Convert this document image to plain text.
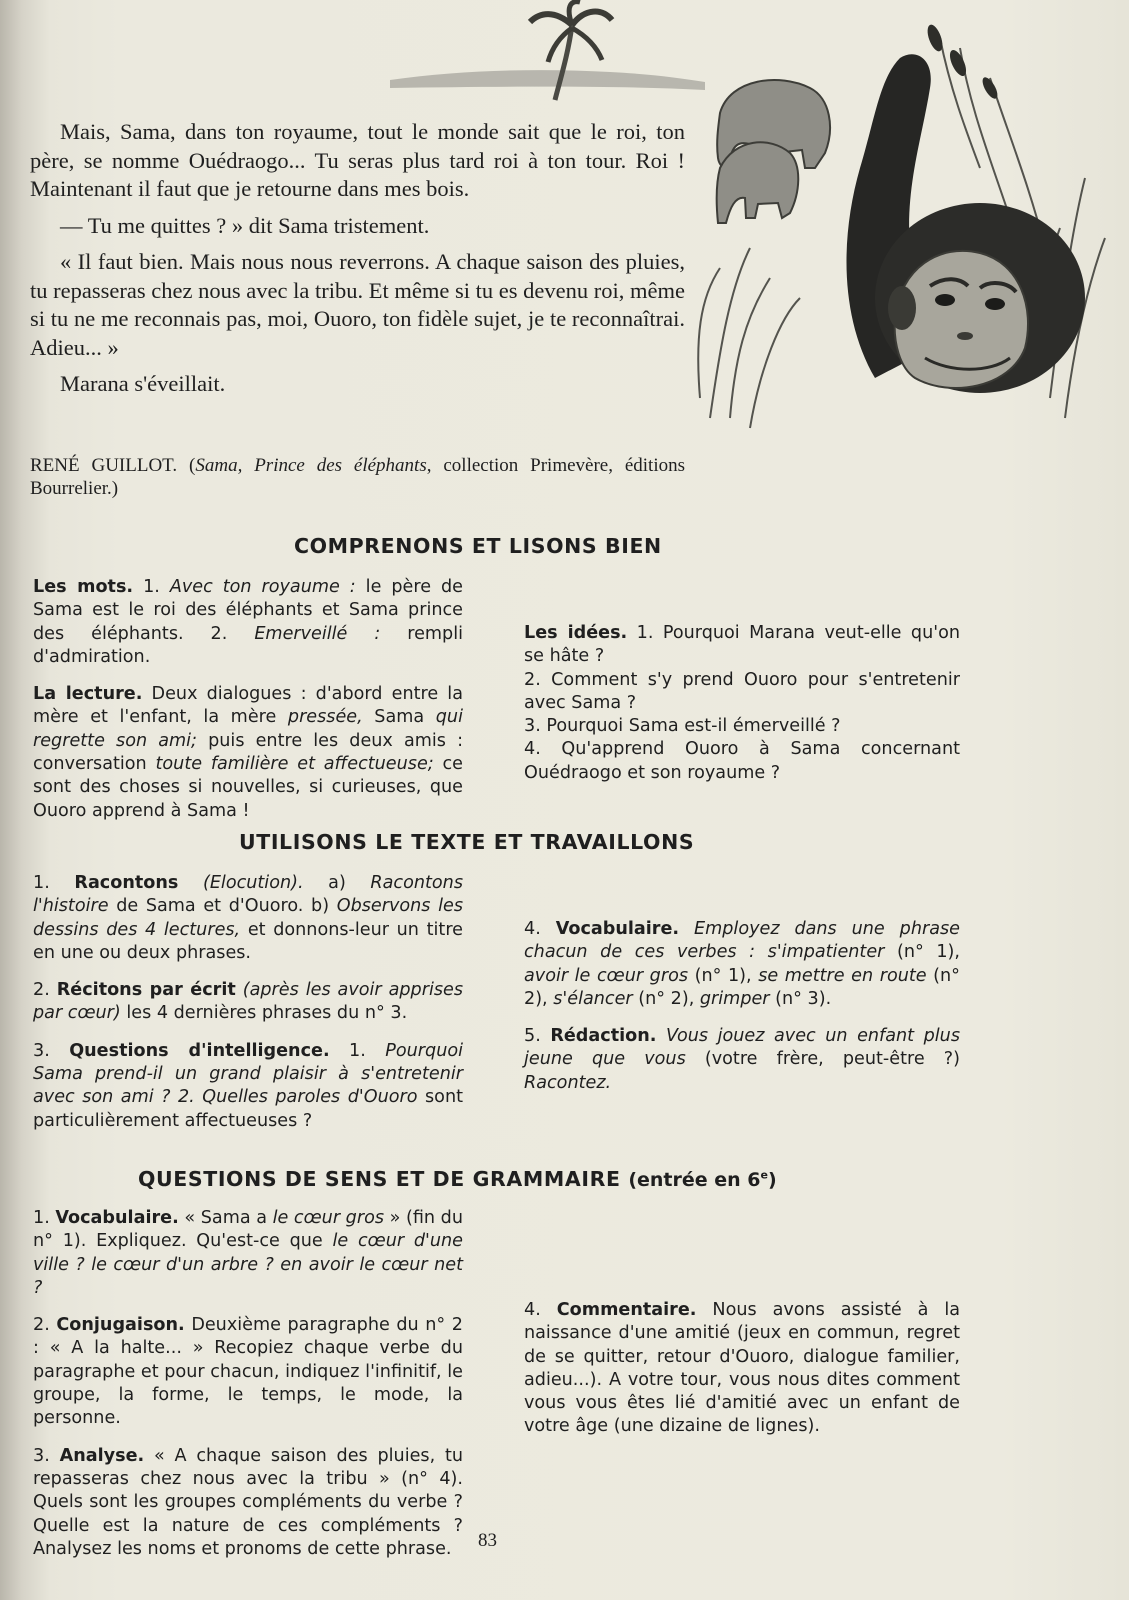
Mais, Sama, dans ton royaume, tout le monde sait que le roi, ton père, se nomme Ouédraogo... Tu seras plus tard roi à ton tour. Roi ! Maintenant il faut que je retourne dans mes bois.

— Tu me quittes ? » dit Sama tristement.

« Il faut bien. Mais nous nous reverrons. A chaque saison des pluies, tu repasseras chez nous avec la tribu. Et même si tu es devenu roi, même si tu ne me reconnais pas, moi, Ouoro, ton fidèle sujet, je te reconnaîtrai. Adieu... »

Marana s'éveillait.

RENÉ GUILLOT. (Sama, Prince des éléphants, collection Primevère, éditions Bourrelier.)
COMPRENONS ET LISONS BIEN

Les mots. 1. Avec ton royaume : le père de Sama est le roi des éléphants et Sama prince des éléphants. 2. Emerveillé : rempli d'admiration.

La lecture. Deux dialogues : d'abord entre la mère et l'enfant, la mère pressée, Sama qui regrette son ami; puis entre les deux amis : conversation toute familière et affectueuse; ce sont des choses si nouvelles, si curieuses, que Ouoro apprend à Sama !

Les idées. 1. Pourquoi Marana veut-elle qu'on se hâte ?
2. Comment s'y prend Ouoro pour s'entretenir avec Sama ?
3. Pourquoi Sama est-il émerveillé ?
4. Qu'apprend Ouoro à Sama concernant Ouédraogo et son royaume ?

UTILISONS LE TEXTE ET TRAVAILLONS

1. Racontons (Elocution). a) Racontons l'histoire de Sama et d'Ouoro. b) Observons les dessins des 4 lectures, et donnons-leur un titre en une ou deux phrases.

2. Récitons par écrit (après les avoir apprises par cœur) les 4 dernières phrases du n° 3.

3. Questions d'intelligence. 1. Pourquoi Sama prend-il un grand plaisir à s'entretenir avec son ami ? 2. Quelles paroles d'Ouoro sont particulièrement affectueuses ?

4. Vocabulaire. Employez dans une phrase chacun de ces verbes : s'impatienter (n° 1), avoir le cœur gros (n° 1), se mettre en route (n° 2), s'élancer (n° 2), grimper (n° 3).

5. Rédaction. Vous jouez avec un enfant plus jeune que vous (votre frère, peut-être ?) Racontez.

QUESTIONS DE SENS ET DE GRAMMAIRE (entrée en 6e)

1. Vocabulaire. « Sama a le cœur gros » (fin du n° 1). Expliquez. Qu'est-ce que le cœur d'une ville ? le cœur d'un arbre ? en avoir le cœur net ?

2. Conjugaison. Deuxième paragraphe du n° 2 : « A la halte... » Recopiez chaque verbe du paragraphe et pour chacun, indiquez l'infinitif, le groupe, la forme, le temps, le mode, la personne.

3. Analyse. « A chaque saison des pluies, tu repasseras chez nous avec la tribu » (n° 4). Quels sont les groupes compléments du verbe ? Quelle est la nature de ces compléments ? Analysez les noms et pronoms de cette phrase.

4. Commentaire. Nous avons assisté à la naissance d'une amitié (jeux en commun, regret de se quitter, retour d'Ouoro, dialogue familier, adieu...). A votre tour, vous nous dites comment vous vous êtes lié d'amitié avec un enfant de votre âge (une dizaine de lignes).

83
